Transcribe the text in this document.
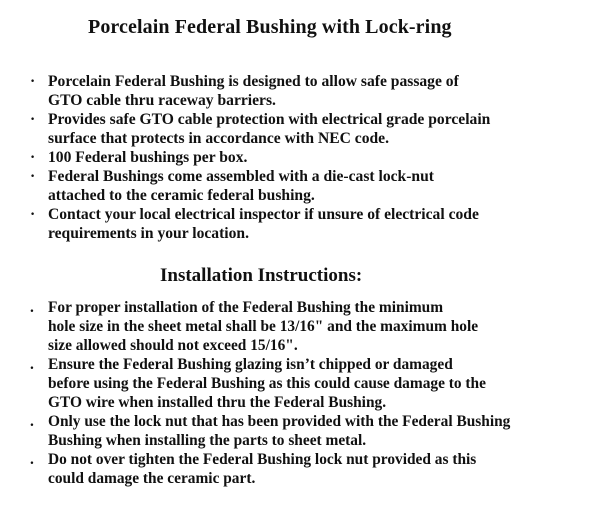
Porcelain Federal Bushing with Lock-ring
· Porcelain Federal Bushing is designed to allow safe passage of
GTO cable thru raceway barriers.
· Provides safe GTO cable protection with electrical grade porcelain
surface that protects in accordance with NEC code.
· 100 Federal bushings per box.
· Federal Bushings come assembled with a die-cast lock-nut
attached to the ceramic federal bushing.
· Contact your local electrical inspector if unsure of electrical code
requirements in your location.
Installation Instructions:
. For proper installation of the Federal Bushing the minimum
hole size in the sheet metal shall be 13/16" and the maximum hole
size allowed should not exceed 15/16".
. Ensure the Federal Bushing glazing isn’t chipped or damaged
before using the Federal Bushing as this could cause damage to the
GTO wire when installed thru the Federal Bushing.
. Only use the lock nut that has been provided with the Federal Bushing
Bushing when installing the parts to sheet metal.
. Do not over tighten the Federal Bushing lock nut provided as this
could damage the ceramic part.
